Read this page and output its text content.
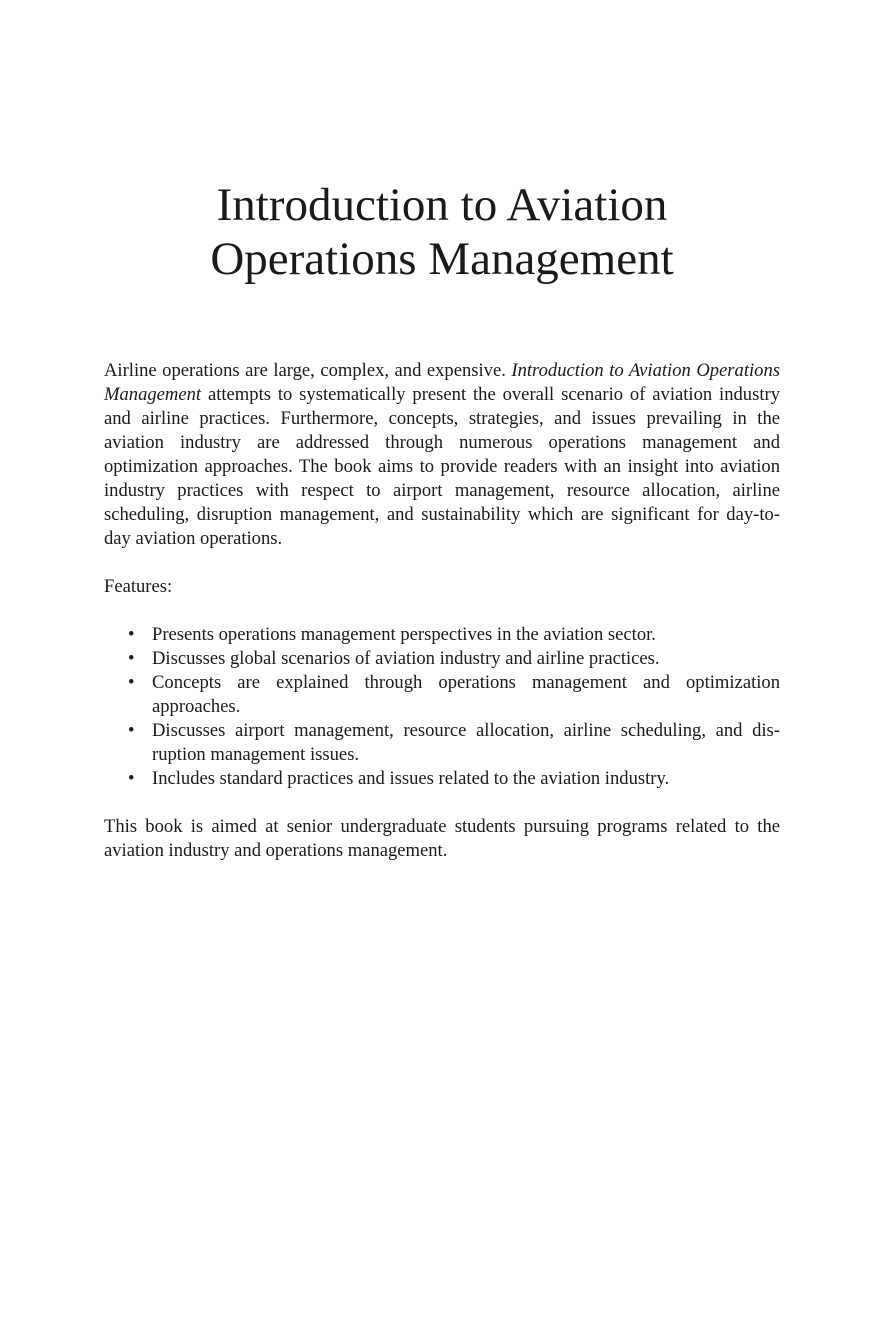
Introduction to Aviation
Operations Management

Airline operations are large, complex, and expensive. Introduction to Aviation Operations Management attempts to systematically present the overall scenario of aviation industry and airline practices. Furthermore, concepts, strategies, and issues prevailing in the aviation industry are addressed through numerous operations management and optimization approaches. The book aims to provide readers with an insight into aviation industry practices with respect to airport management, resource allocation, airline scheduling, disruption management, and sustainability which are significant for day-to-day aviation operations.

Features:

• Presents operations management perspectives in the aviation sector.
• Discusses global scenarios of aviation industry and airline practices.
• Concepts are explained through operations management and optimization approaches.
• Discusses airport management, resource allocation, airline scheduling, and disruption management issues.
• Includes standard practices and issues related to the aviation industry.

This book is aimed at senior undergraduate students pursuing programs related to the aviation industry and operations management.
